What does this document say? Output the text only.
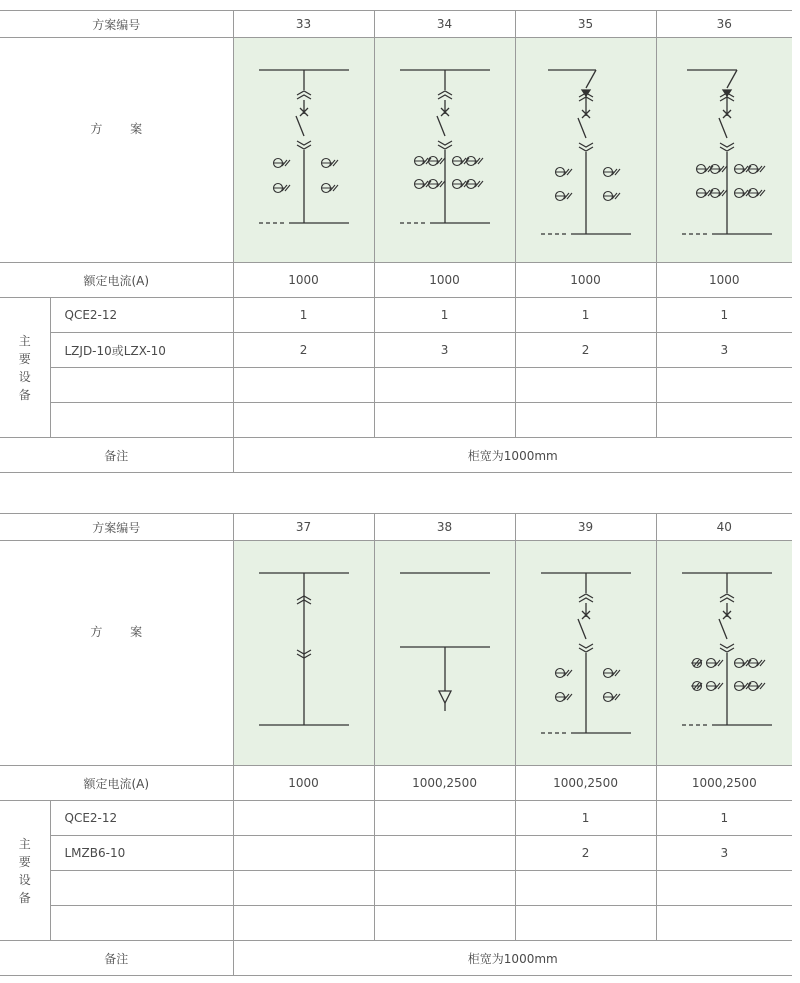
方案编号		33	34	35	36
方 案	

额定电流(A)		1000	1000	1000	1000

主要设备	QCE2-12	1	1	1	1
	LZJD-10或LZX-10	2	3	2	3

备注		柜宽为1000mm			
方案编号		37	38	39	40
方 案	

额定电流(A)		1000	1000,2500	1000,2500	1000,2500

主要设备	QCE2-12			1	1
	LMZB6-10			2	3

备注		柜宽为1000mm			
